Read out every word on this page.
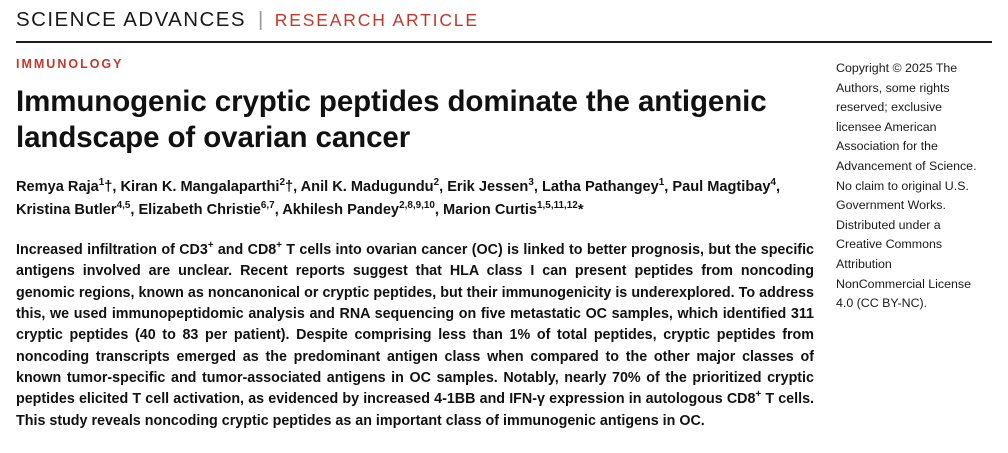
SCIENCE ADVANCES | RESEARCH ARTICLE
IMMUNOLOGY
Immunogenic cryptic peptides dominate the antigenic landscape of ovarian cancer
Remya Raja$^1$†, Kiran K. Mangalaparthi$^2$†, Anil K. Madugundu$^2$, Erik Jessen$^3$, Latha Pathangey$^1$, Paul Magtibay$^4$, Kristina Butler$^{4,5}$, Elizabeth Christie$^{6,7}$, Akhilesh Pandey$^{2,8,9,10}$, Marion Curtis$^{1,5,11,12}$*
Increased infiltration of CD3+ and CD8+ T cells into ovarian cancer (OC) is linked to better prognosis, but the specific antigens involved are unclear. Recent reports suggest that HLA class I can present peptides from noncoding genomic regions, known as noncanonical or cryptic peptides, but their immunogenicity is underexplored. To address this, we used immunopeptidomic analysis and RNA sequencing on five metastatic OC samples, which identified 311 cryptic peptides (40 to 83 per patient). Despite comprising less than 1% of total peptides, cryptic peptides from noncoding transcripts emerged as the predominant antigen class when compared to the other major classes of known tumor-specific and tumor-associated antigens in OC samples. Notably, nearly 70% of the prioritized cryptic peptides elicited T cell activation, as evidenced by increased 4-1BB and IFN-γ expression in autologous CD8+ T cells. This study reveals noncoding cryptic peptides as an important class of immunogenic antigens in OC.
Copyright © 2025 The Authors, some rights reserved; exclusive licensee American Association for the Advancement of Science. No claim to original U.S. Government Works. Distributed under a Creative Commons Attribution NonCommercial License 4.0 (CC BY-NC).
